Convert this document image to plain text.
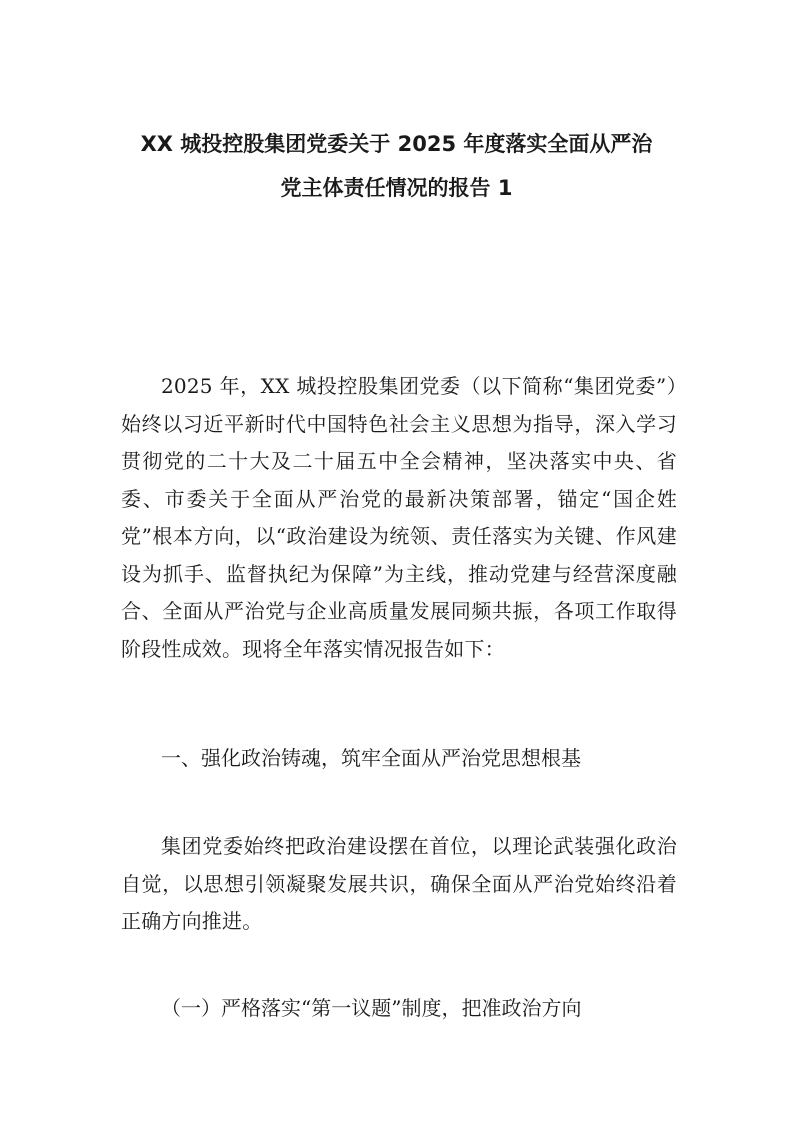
XX 城投控股集团党委关于 2025 年度落实全面从严治
党主体责任情况的报告 1

2025 年，XX 城投控股集团党委（以下简称“集团党委”）始终以习近平新时代中国特色社会主义思想为指导，深入学习贯彻党的二十大及二十届五中全会精神，坚决落实中央、省委、市委关于全面从严治党的最新决策部署，锚定“国企姓党”根本方向，以“政治建设为统领、责任落实为关键、作风建设为抓手、监督执纪为保障”为主线，推动党建与经营深度融合、全面从严治党与企业高质量发展同频共振，各项工作取得阶段性成效。现将全年落实情况报告如下：

一、强化政治铸魂，筑牢全面从严治党思想根基

集团党委始终把政治建设摆在首位，以理论武装强化政治自觉，以思想引领凝聚发展共识，确保全面从严治党始终沿着正确方向推进。

（一）严格落实“第一议题”制度，把准政治方向
